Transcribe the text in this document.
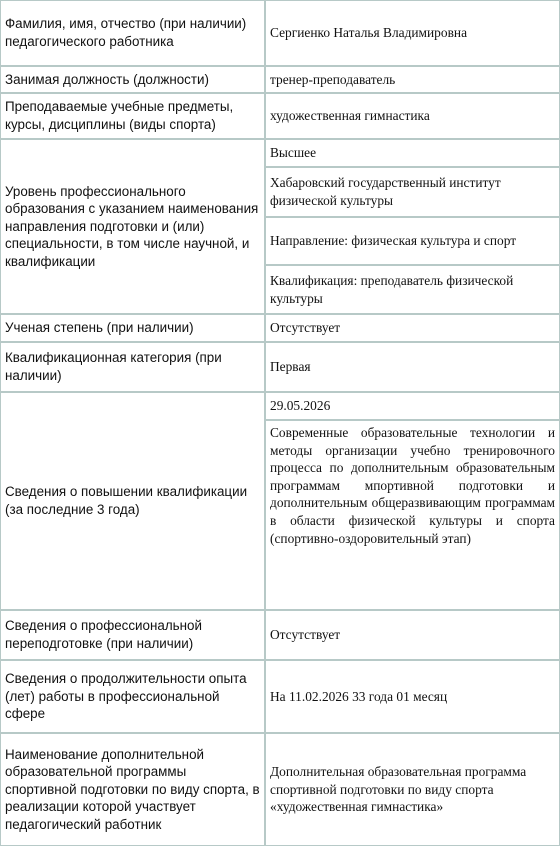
Фамилия, имя, отчество (при наличии) педагогического работника
Сергиенко Наталья Владимировна
Занимая должность (должности)	тренер-преподаватель
Преподаваемые учебные предметы, курсы, дисциплины (виды спорта)
художественная гимнастика
Уровень профессионального образования с указанием наименования направления подготовки и (или) специальности, в том числе научной, и квалификации
Высшее
Хабаровский государственный институт физической культуры
Направление: физическая культура и спорт
Квалификация: преподаватель физической культуры
Ученая степень (при наличии)	Отсутствует
Квалификационная категория (при наличии)
Первая
Сведения о повышении квалификации (за последние 3 года)
29.05.2026
Современные образовательные технологии и методы организации учебно тренировочного процесса по дополнительным образовательным программам мпортивной подготовки и дополнительным общеразвивающим программам в области физической культуры и спорта (спортивно-оздоровительный этап)
Сведения о профессиональной переподготовке (при наличии)
Отсутствует
Сведения о продолжительности опыта (лет) работы в профессиональной сфере
На 11.02.2026 33 года 01 месяц
Наименование дополнительной образовательной программы спортивной подготовки по виду спорта, в реализации которой участвует педагогический работник
Дополнительная образовательная программа спортивной подготовки по виду спорта «художественная гимнастика»
